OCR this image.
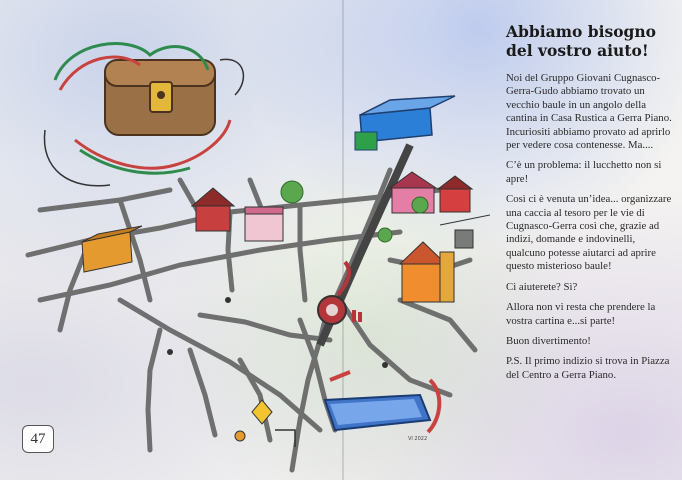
Vl 2022
47
Abbiamo bisogno
del vostro aiuto!

Noi del Gruppo Giovani Cugnasco-Gerra-Gudo abbiamo trovato un vecchio baule in un angolo della cantina in Casa Rustica a Gerra Piano. Incuriositi abbiamo provato ad aprirlo per vedere cosa contenesse. Ma....

C’è un problema: il lucchetto non si apre!

Così ci è venuta un’idea... organizzare una caccia al tesoro per le vie di Cugnasco-Gerra così che, grazie ad indizi, domande e indovinelli, qualcuno potesse aiutarci ad aprire questo misterioso baule!

Ci aiuterete? Sì?

Allora non vi resta che prendere la vostra cartina e...si parte!

Buon divertimento!

P.S. Il primo indizio si trova in Piazza del Centro a Gerra Piano.
